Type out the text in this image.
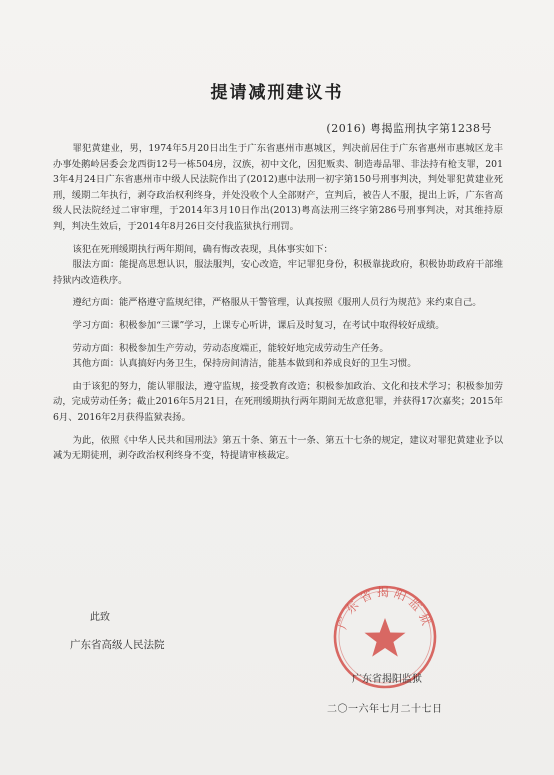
提请减刑建议书
(2016) 粤揭监刑执字第1238号

罪犯黄建业，男，1974年5月20日出生于广东省惠州市惠城区，判决前居住于广东省惠州市惠城区龙丰办事处鹅岭居委会龙西街12号一栋504房，汉族，初中文化，因犯贩卖、制造毒品罪、非法持有枪支罪，2013年4月24日广东省惠州市中级人民法院作出了(2012)惠中法刑一初字第150号刑事判决，判处罪犯黄建业死刑，缓期二年执行，剥夺政治权利终身，并处没收个人全部财产，宣判后，被告人不服，提出上诉，广东省高级人民法院经过二审审理，于2014年3月10日作出(2013)粤高法刑三终字第286号刑事判决，对其维持原判，判决生效后，于2014年8月26日交付我监狱执行刑罚。

该犯在死刑缓期执行两年期间，确有悔改表现，具体事实如下：

服法方面：能提高思想认识，服法服判，安心改造，牢记罪犯身份，积极靠拢政府，积极协助政府干部维持狱内改造秩序。

遵纪方面：能严格遵守监规纪律，严格服从干警管理，认真按照《服刑人员行为规范》来约束自己。

学习方面：积极参加“三课”学习，上课专心听讲，课后及时复习，在考试中取得较好成绩。

劳动方面：积极参加生产劳动，劳动态度端正，能较好地完成劳动生产任务。

其他方面：认真搞好内务卫生，保持房间清洁，能基本做到和养成良好的卫生习惯。

由于该犯的努力，能认罪服法，遵守监规，接受教育改造；积极参加政治、文化和技术学习；积极参加劳动，完成劳动任务；截止2016年5月21日，在死刑缓期执行两年期间无故意犯罪，并获得17次嘉奖；2015年6月、2016年2月获得监狱表扬。

为此，依照《中华人民共和国刑法》第五十条、第五十一条、第五十七条的规定，建议对罪犯黄建业予以减为无期徒刑，剥夺政治权利终身不变，特提请审核裁定。

此致
广东省高级人民法院
广东省揭阳监狱
广东省揭阳监狱
二〇一六年七月二十七日
